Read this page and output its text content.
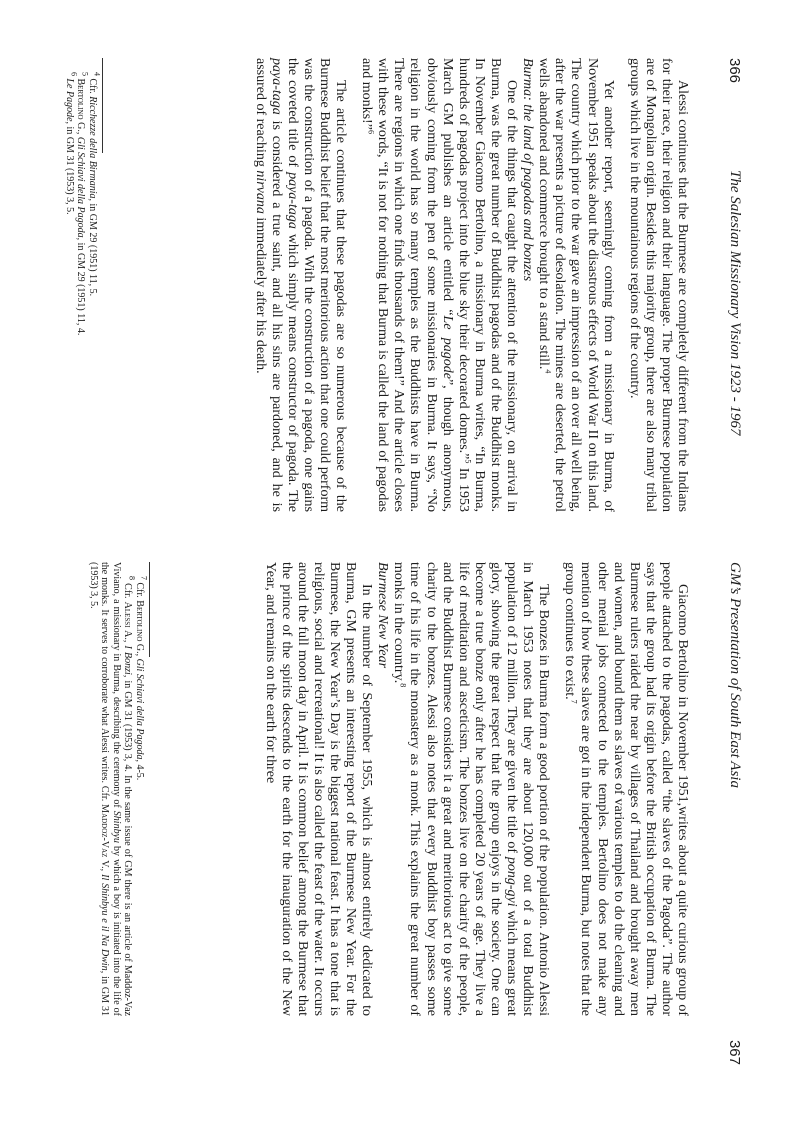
366
The Salesian Missionary Vision 1923 - 1967

Alessi continues that the Burmese are completely different from the Indians for their race, their religion and their language. The proper Burmese population are of Mongolian origin. Besides this majority group, there are also many tribal groups which live in the mountainous regions of the country.

Yet another report, seemingly coming from a missionary in Burma, of November 1951 speaks about the disastrous effects of World War II on this land. The country which prior to the war gave an impression of an over all well being, after the war presents a picture of desolation. The mines are deserted, the petrol wells abandoned and commerce brought to a stand still.$^4$

Burma: the land of pagodas and bonzes

One of the things that caught the attention of the missionary, on arrival in Burma, was the great number of Buddhist pagodas and of the Buddhist monks. In November Giacomo Bertolino, a missionary in Burma writes, “In Burma, hundreds of pagodas project into the blue sky their decorated domes.”$^5$ In 1953 March GM publishes an article entitled “Le pagode”, though anonymous, obviously coming from the pen of some missionaries in Burma. It says, “No religion in the world has so many temples as the Buddhists have in Burma. There are regions in which one finds thousands of them!” And the article closes with these words, “It is not for nothing that Burma is called the land of pagodas and monks!”$^6$

The article continues that these pagodas are so numerous because of the Burmese Buddhist belief that the most meritorious action that one could perform was the construction of a pagoda. With the construction of a pagoda, one gains the coveted title of paya-taga which simply means constructor of pagoda. The paya-taga is considered a true saint, and all his sins are pardoned, and he is assured of reaching nirvana immediately after his death.

$^4$ Cfr. Ricchezze della Birmania, in GM 29 (1951) 11, 5.

$^5$ Bertolino G., Gli Schiavi della Pagoda, in GM 29 (1951) 11, 4.

$^6$ Le Pagode, in GM 31 (1953) 3, 5.

GM’s Presentation of South East Asia
367

Giacomo Bertolino in November 1951,writes about a quite curious group of people attached to the pagodas, called “the slaves of the Pagoda”. The author says that the group had its origin before the British occupation of Burma. The Burmese rulers raided the near by villages of Thailand and brought away men and women, and bound them as slaves of various temples to do the cleaning and other menial jobs connected to the temples. Bertolino does not make any mention of how these slaves are got in the independent Burma, but notes that the group continues to exist.$^7$

The Bonzes in Burma form a good portion of the population. Antonio Alessi in March 1953 notes that they are about 120,000 out of a total Buddhist population of 12 million. They are given the title of pong-gyi which means great glory, showing the great respect that the group enjoys in the society. One can become a true bonze only after he has completed 20 years of age. They live a life of meditation and asceticism. The bonzes live on the charity of the people, and the Buddhist Burmese considers it a great and meritorious act to give some charity to the bonzes. Alessi also notes that every Buddhist boy passes some time of his life in the monastery as a monk. This explains the great number of monks in the country.$^8$

Burmese New Year

In the number of September 1955, which is almost entirely dedicated to Burma, GM presents an interesting report of the Burmese New Year. For the Burmese, the New Year’s Day is the biggest national feast. It has a tone that is religious, social and recreational! It is also called the feast of the water. It occurs around the full moon day in April. It is common belief among the Burmese that the prince of the spirits descends to the earth for the inauguration of the New Year, and remains on the earth for three

$^7$ Cfr. Bertolino G., Gli Schiavi della Pagoda, 4-5.

$^8$ Cfr. Alessi A., I Bonzi, in GM 31 (1953) 3, 4. In the same issue of GM there is an article of Maddoz-Vaz Viviano, a missionary in Burma, describing the ceremony of Shinbyu by which a boy is initiated into the life of the monks. It serves to corroborate what Alessi writes. Cfr. Maddoz-Vaz V., Il Shinbyu e il Na Dwin, in GM 31 (1953) 3, 5.
